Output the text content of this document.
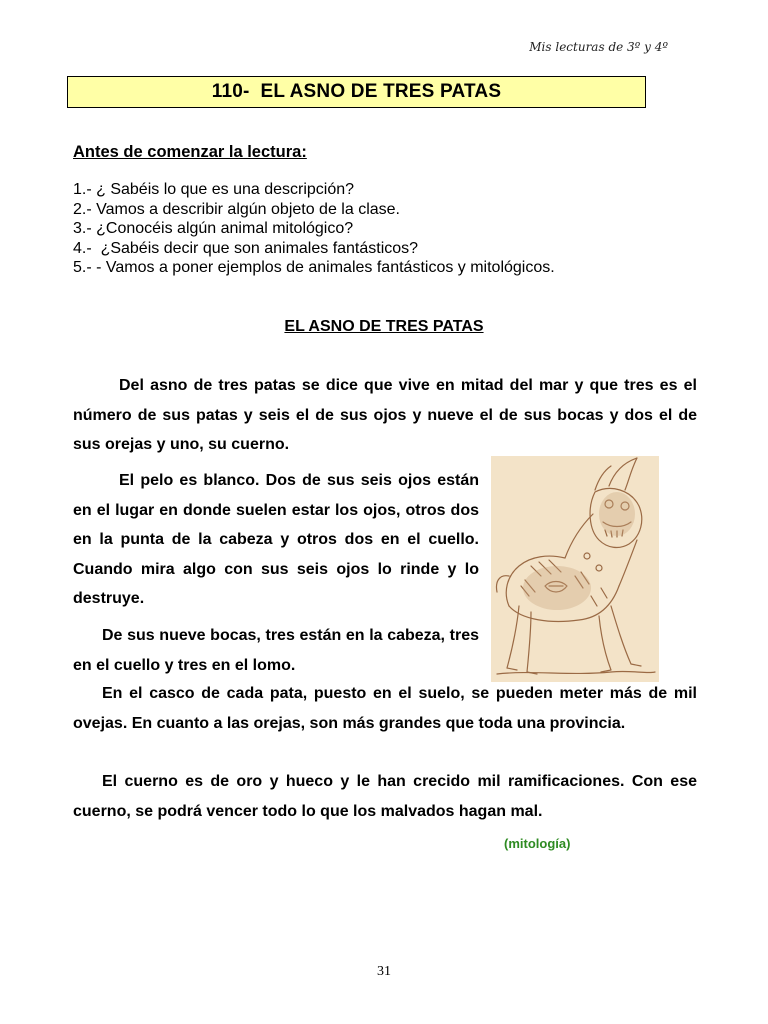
Mis lecturas de 3º y 4º
110-  EL ASNO DE TRES PATAS
Antes de comenzar la lectura:
1.- ¿ Sabéis lo que es una descripción?
2.- Vamos a describir algún objeto de la clase.
3.- ¿Conocéis algún animal mitológico?
4.-  ¿Sabéis decir que son animales fantásticos?
5.- - Vamos a poner ejemplos de animales fantásticos y mitológicos.
EL ASNO DE TRES PATAS

Del asno de tres patas se dice que vive en mitad del mar y que tres es el número de sus patas y seis el de sus ojos y nueve el de sus bocas y dos el de sus orejas y uno, su cuerno.

El pelo es blanco. Dos de sus seis ojos están en el lugar en donde suelen estar los ojos, otros dos en la punta de la cabeza y otros dos en el cuello. Cuando mira algo con sus seis ojos lo rinde y lo destruye.

De sus nueve bocas, tres están en la cabeza, tres en el cuello y tres en el lomo.

En el casco de cada pata, puesto en el suelo, se pueden meter más de mil ovejas. En cuanto a las orejas, son más grandes que toda una provincia.

El cuerno es de oro y hueco y le han crecido mil ramificaciones. Con ese cuerno, se podrá vencer todo lo que los malvados hagan mal.

(mitología)
31
